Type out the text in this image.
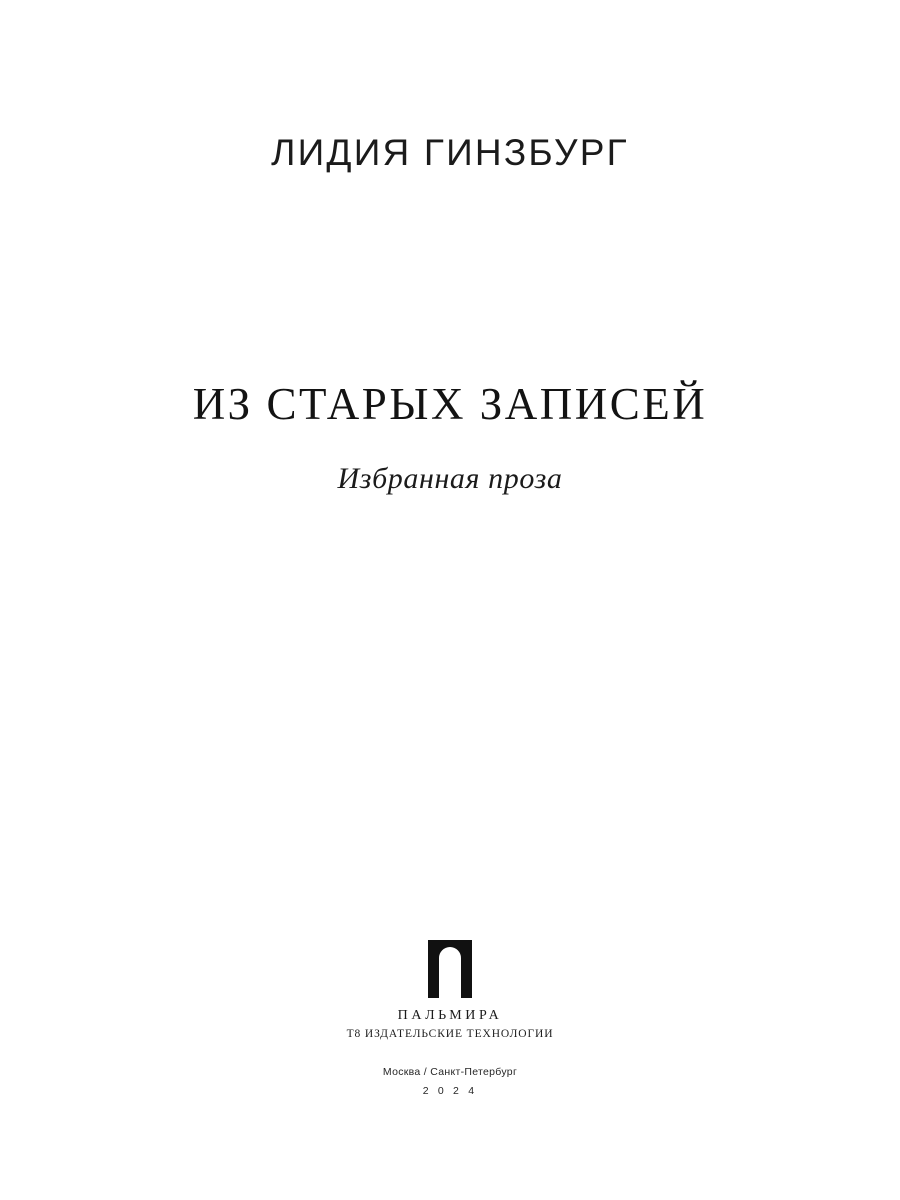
ЛИДИЯ ГИНЗБУРГ
ИЗ СТАРЫХ ЗАПИСЕЙ
Избранная проза
ПАЛЬМИРА
Т8 ИЗДАТЕЛЬСКИЕ ТЕХНОЛОГИИ
Москва / Санкт-Петербург
2 0 2 4
